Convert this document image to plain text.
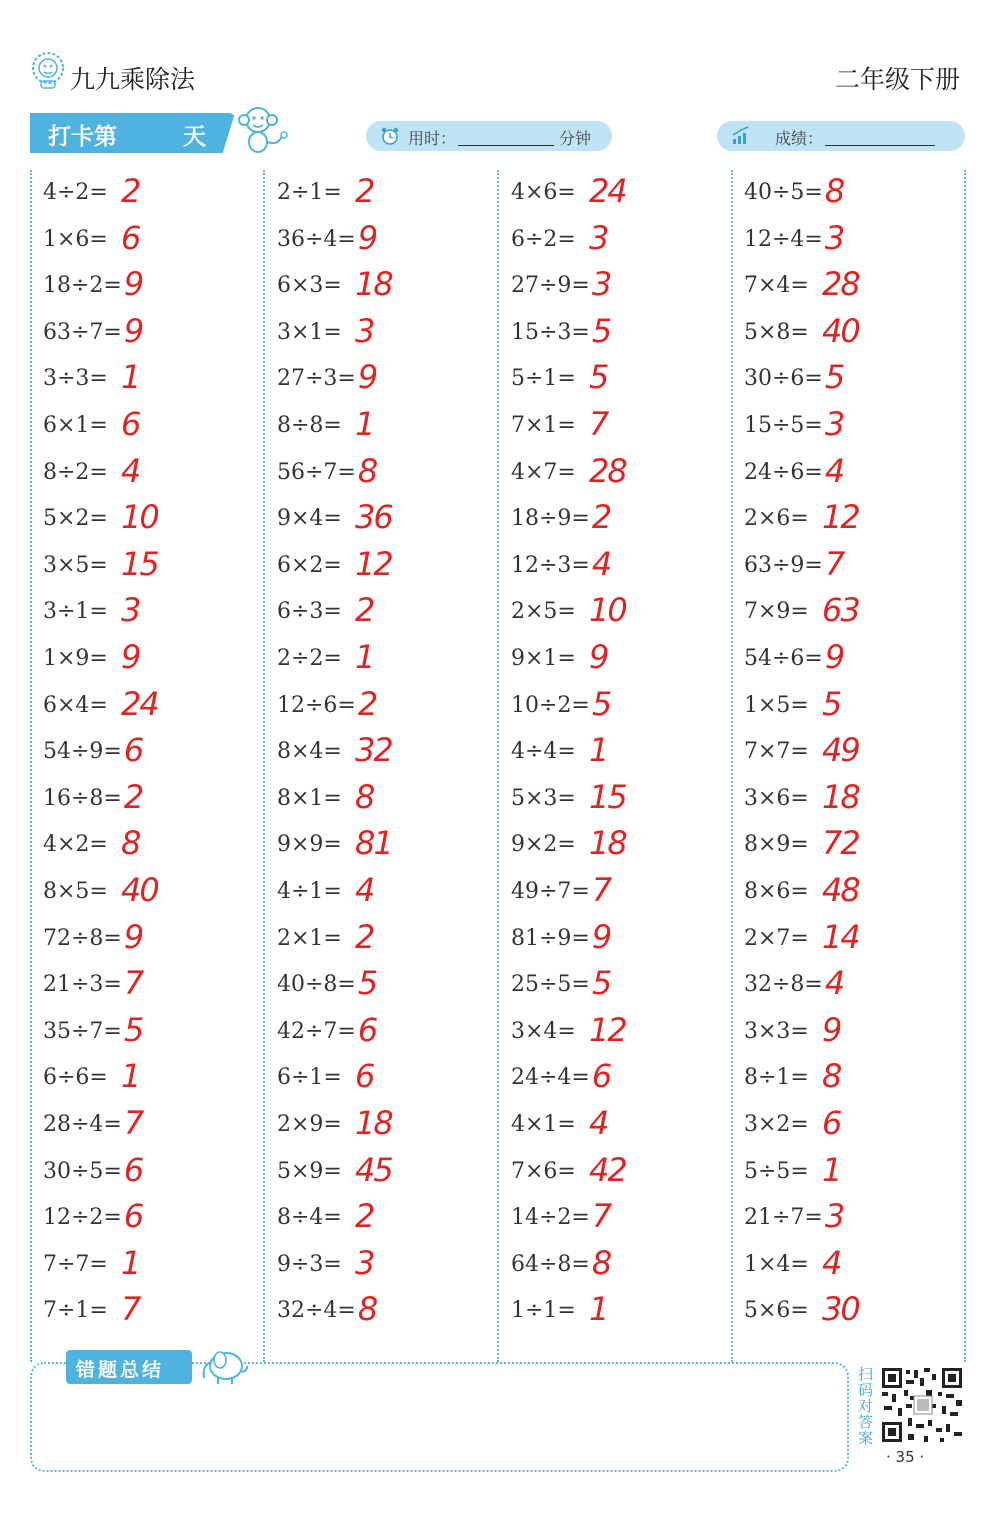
九九乘除法	二年级下册
打卡第	天	用时：	分钟	成绩：
4÷2= 2
1×6= 6
18÷2= 9
63÷7= 9
3÷3= 1
6×1= 6
8÷2= 4
5×2= 10
3×5= 15
3÷1= 3
1×9= 9
6×4= 24
54÷9= 6
16÷8= 2
4×2= 8
8×5= 40
72÷8= 9
21÷3= 7
35÷7= 5
6÷6= 1
28÷4= 7
30÷5= 6
12÷2= 6
7÷7= 1
7÷1= 7
2÷1= 2
36÷4= 9
6×3= 18
3×1= 3
27÷3= 9
8÷8= 1
56÷7= 8
9×4= 36
6×2= 12
6÷3= 2
2÷2= 1
12÷6= 2
8×4= 32
8×1= 8
9×9= 81
4÷1= 4
2×1= 2
40÷8= 5
42÷7= 6
6÷1= 6
2×9= 18
5×9= 45
8÷4= 2
9÷3= 3
32÷4= 8
4×6= 24
6÷2= 3
27÷9= 3
15÷3= 5
5÷1= 5
7×1= 7
4×7= 28
18÷9= 2
12÷3= 4
2×5= 10
9×1= 9
10÷2= 5
4÷4= 1
5×3= 15
9×2= 18
49÷7= 7
81÷9= 9
25÷5= 5
3×4= 12
24÷4= 6
4×1= 4
7×6= 42
14÷2= 7
64÷8= 8
1÷1= 1
40÷5= 8
12÷4= 3
7×4= 28
5×8= 40
30÷6= 5
15÷5= 3
24÷6= 4
2×6= 12
63÷9= 7
7×9= 63
54÷6= 9
1×5= 5
7×7= 49
3×6= 18
8×9= 72
8×6= 48
2×7= 14
32÷8= 4
3×3= 9
8÷1= 8
3×2= 6
5÷5= 1
21÷7= 3
1×4= 4
5×6= 30
错题总结	扫码对答案
· 35 ·
